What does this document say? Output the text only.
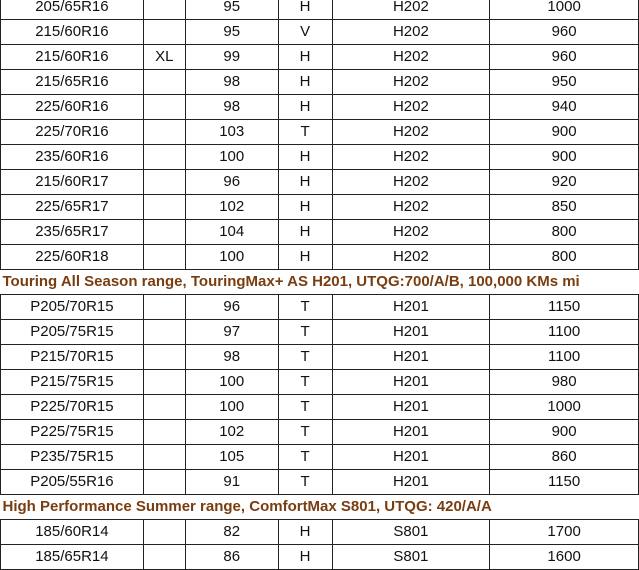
205/65R16		95	H	H202	1000
215/60R16		95	V	H202	960
215/60R16	XL	99	H	H202	960
215/65R16		98	H	H202	950
225/60R16		98	H	H202	940
225/70R16		103	T	H202	900
235/60R16		100	H	H202	900
215/60R17		96	H	H202	920
225/65R17		102	H	H202	850
235/65R17		104	H	H202	800
225/60R18		100	H	H202	800
Touring All Season range, TouringMax+ AS H201, UTQG:700/A/B, 100,000 KMs mi					
P205/70R15		96	T	H201	1150
P205/75R15		97	T	H201	1100
P215/70R15		98	T	H201	1100
P215/75R15		100	T	H201	980
P225/70R15		100	T	H201	1000
P225/75R15		102	T	H201	900
P235/75R15		105	T	H201	860
P205/55R16		91	T	H201	1150
High Performance Summer range, ComfortMax S801, UTQG: 420/A/A					
185/60R14		82	H	S801	1700
185/65R14		86	H	S801	1600
